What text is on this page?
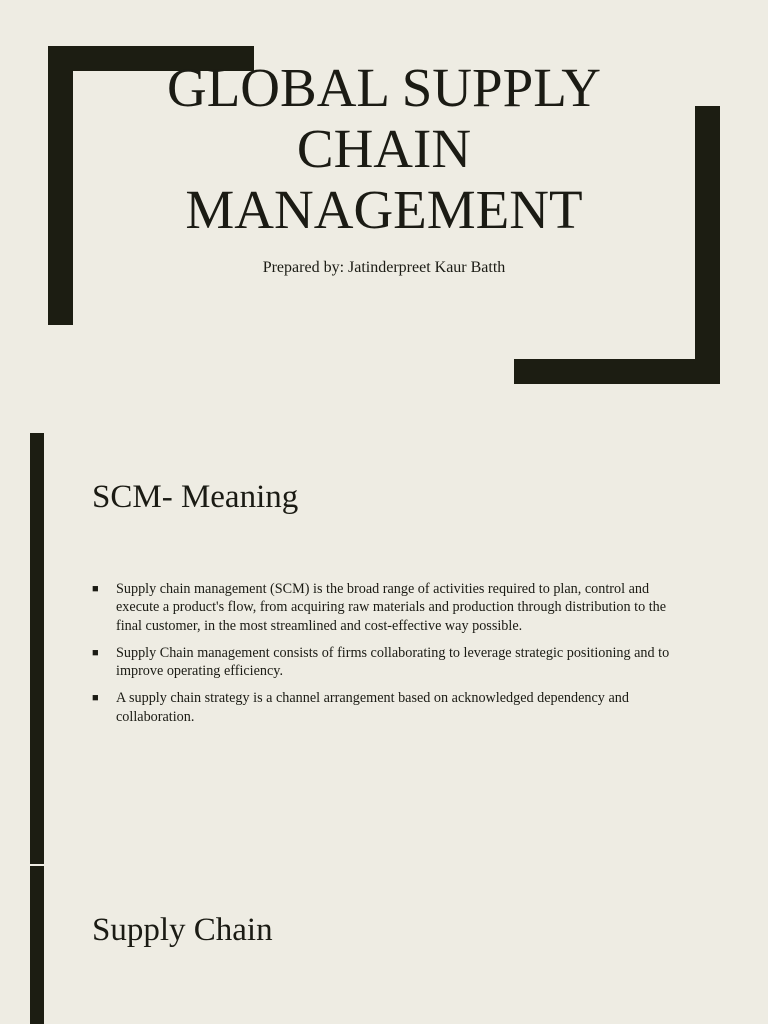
GLOBAL SUPPLY
CHAIN
MANAGEMENT
Prepared by: Jatinderpreet Kaur Batth
SCM- Meaning
■ Supply chain management (SCM) is the broad range of activities required to plan, control and execute a product's flow, from acquiring raw materials and production through distribution to the final customer, in the most streamlined and cost-effective way possible.
■ Supply Chain management consists of firms collaborating to leverage strategic positioning and to improve operating efficiency.
■ A supply chain strategy is a channel arrangement based on acknowledged dependency and collaboration.
Supply Chain
